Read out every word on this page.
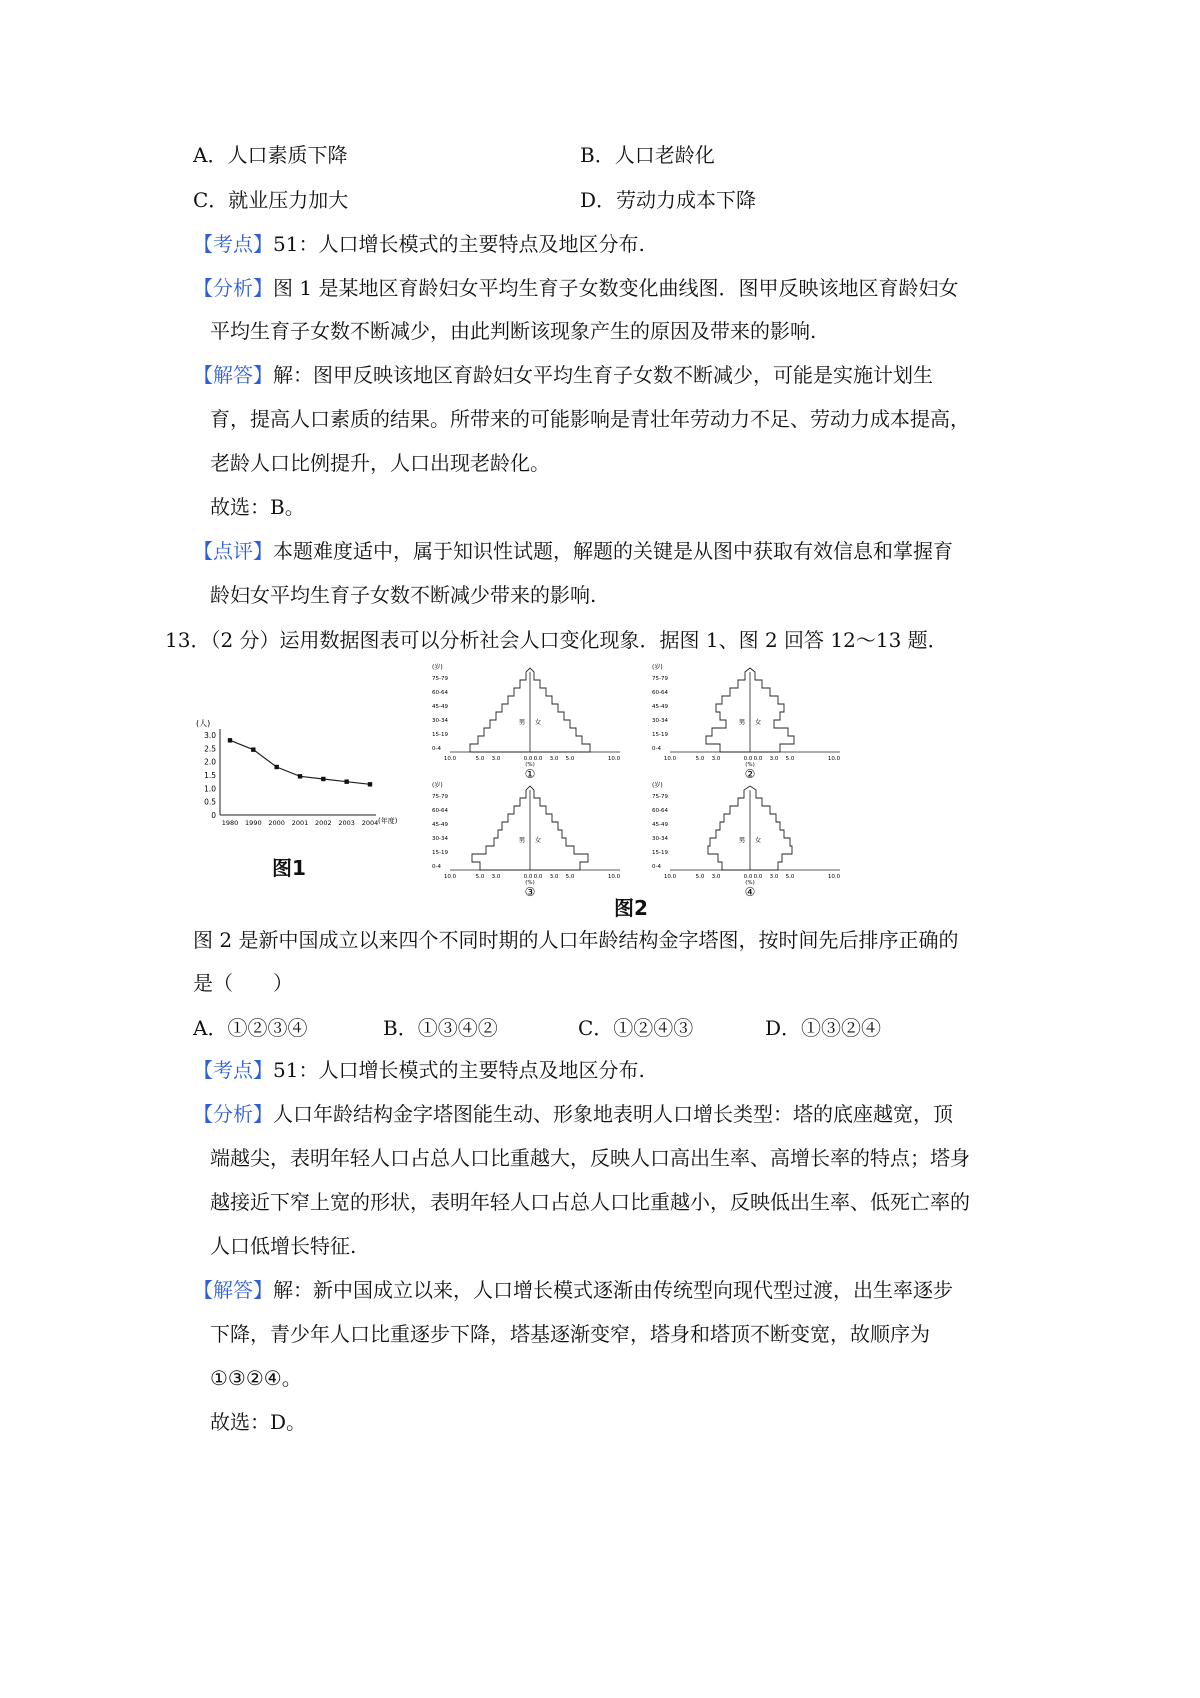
A．人口素质下降	B．人口老龄化
C．就业压力加大	D．劳动力成本下降
【考点】51：人口增长模式的主要特点及地区分布.
【分析】图 1 是某地区育龄妇女平均生育子女数变化曲线图．图甲反映该地区育龄妇女
平均生育子女数不断减少，由此判断该现象产生的原因及带来的影响.
【解答】解：图甲反映该地区育龄妇女平均生育子女数不断减少，可能是实施计划生
育，提高人口素质的结果。所带来的可能影响是青壮年劳动力不足、劳动力成本提高，
老龄人口比例提升，人口出现老龄化。
故选：B。
【点评】本题难度适中，属于知识性试题，解题的关键是从图中获取有效信息和掌握育
龄妇女平均生育子女数不断减少带来的影响.
13．（2 分）运用数据图表可以分析社会人口变化现象．据图 1、图 2 回答 12～13 题．
(人)
3.0
2.5
2.0
1.5
1.0
0.5
0
1980 1990 2000 2001 2002 2003 2004 (年度)
图1
(岁)
75-79
60-64
45-49
30-34
15-19
0-4
男 女
10.0	5.0 3.0	0.0 0.0 3.0 5.0	10.0
(%)
①
(岁)
75-79
60-64
45-49
30-34
15-19
0-4
男 女
10.0	5.0 3.0	0.0 0.0 3.0 5.0	10.0
(%)
②
(岁)
75-79
60-64
45-49
30-34
15-19
0-4
男 女
10.0	5.0 3.0	0.0 0.0 3.0 5.0	10.0
(%)
③
(岁)
75-79
60-64
45-49
30-34
15-19
0-4
男 女
10.0	5.0 3.0	0.0 0.0 3.0 5.0	10.0
(%)
④
图2
图 2 是新中国成立以来四个不同时期的人口年龄结构金字塔图，按时间先后排序正确的
是（　　）
A．①②③④	B．①③④②	C．①②④③	D．①③②④
【考点】51：人口增长模式的主要特点及地区分布.
【分析】人口年龄结构金字塔图能生动、形象地表明人口增长类型：塔的底座越宽，顶
端越尖，表明年轻人口占总人口比重越大，反映人口高出生率、高增长率的特点；塔身
越接近下窄上宽的形状，表明年轻人口占总人口比重越小，反映低出生率、低死亡率的
人口低增长特征.
【解答】解：新中国成立以来，人口增长模式逐渐由传统型向现代型过渡，出生率逐步
下降，青少年人口比重逐步下降，塔基逐渐变窄，塔身和塔顶不断变宽，故顺序为
①③②④。
故选：D。
